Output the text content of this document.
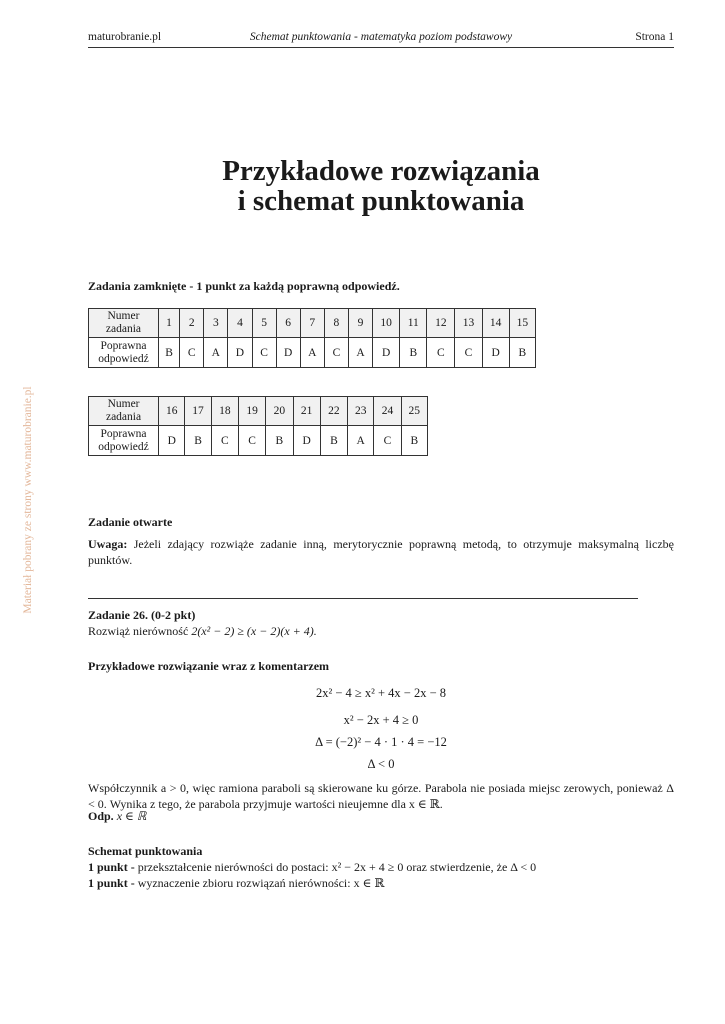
maturobranie.pl	Schemat punktowania - matematyka poziom podstawowy	Strona 1
Materiał pobrany ze strony www.maturobranie.pl
Przykładowe rozwiązania
i schemat punktowania
Zadania zamknięte - 1 punkt za każdą poprawną odpowiedź.
Numer
zadania	1	2	3	4	5	6	7	8	9	10	11	12	13	14	15

Poprawna
odpowiedź	B	C	A	D	C	D	A	C	A	D	B	C	C	D	B
Numer
zadania	16	17	18	19	20	21	22	23	24	25

Poprawna
odpowiedź	D	B	C	C	B	D	B	A	C	B
Zadanie otwarte
Uwaga: Jeżeli zdający rozwiąże zadanie inną, merytorycznie poprawną metodą, to otrzymuje maksymalną liczbę punktów.
Zadanie 26. (0-2 pkt)
Rozwiąż nierówność 2(x² − 2) ≥ (x − 2)(x + 4).
Przykładowe rozwiązanie wraz z komentarzem
2x² − 4 ≥ x² + 4x − 2x − 8
x² − 2x + 4 ≥ 0
Δ = (−2)² − 4 · 1 · 4 = −12
Δ < 0
Współczynnik a > 0, więc ramiona paraboli są skierowane ku górze. Parabola nie posiada miejsc zerowych, ponieważ Δ < 0. Wynika z tego, że parabola przyjmuje wartości nieujemne dla x ∈ ℝ.
Odp. x ∈ ℝ
Schemat punktowania
1 punkt - przekształcenie nierówności do postaci: x² − 2x + 4 ≥ 0 oraz stwierdzenie, że Δ < 0
1 punkt - wyznaczenie zbioru rozwiązań nierówności: x ∈ ℝ
